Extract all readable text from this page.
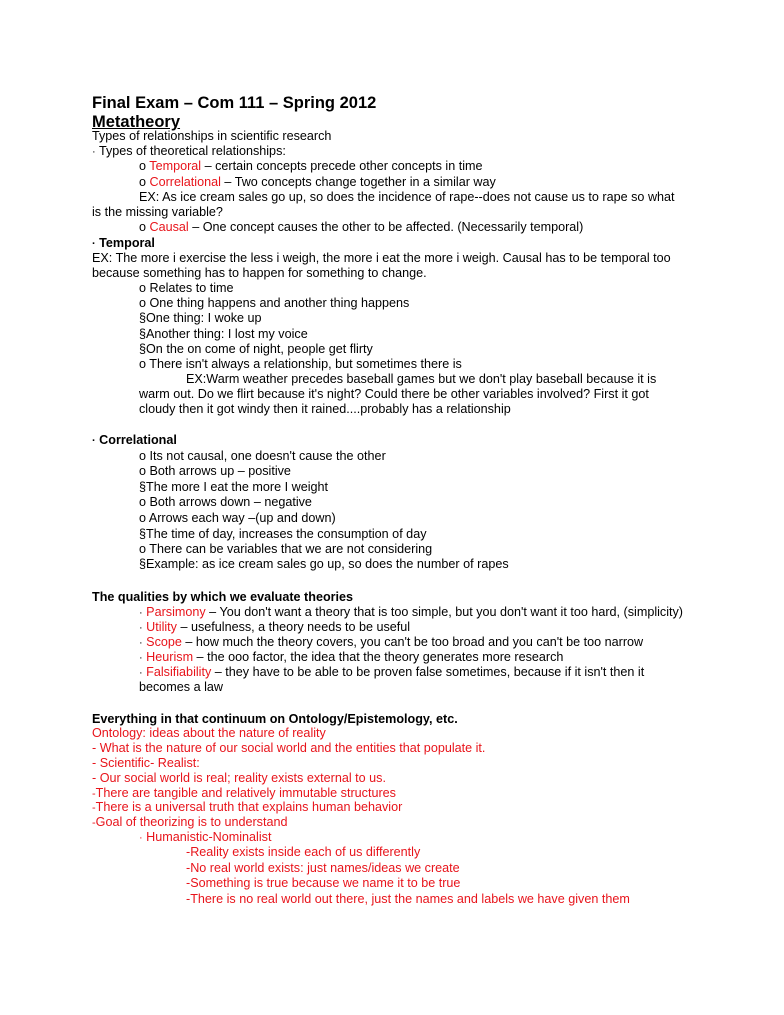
Final Exam – Com 111 – Spring 2012
Metatheory
Types of relationships in scientific research
· Types of theoretical relationships:
o Temporal – certain concepts precede other concepts in time
o Correlational – Two concepts change together in a similar way
EX: As ice cream sales go up, so does the incidence of rape--does not cause us to rape so what
is the missing variable?
o Causal – One concept causes the other to be affected. (Necessarily temporal)
· Temporal
EX: The more i exercise the less i weigh, the more i eat the more i weigh. Causal has to be temporal too
because something has to happen for something to change.
o Relates to time
o One thing happens and another thing happens
§One thing: I woke up
§Another thing: I lost my voice
§On the on come of night, people get flirty
o There isn't always a relationship, but sometimes there is
EX:Warm weather precedes baseball games but we don't play baseball because it is
warm out. Do we flirt because it's night? Could there be other variables involved? First it got
cloudy then it got windy then it rained....probably has a relationship
· Correlational
o Its not causal, one doesn't cause the other
o Both arrows up – positive
§The more I eat the more I weight
o Both arrows down – negative
o Arrows each way –(up and down)
§The time of day, increases the consumption of day
o There can be variables that we are not considering
§Example: as ice cream sales go up, so does the number of rapes
The qualities by which we evaluate theories
· Parsimony – You don't want a theory that is too simple, but you don't want it too hard, (simplicity)
· Utility – usefulness, a theory needs to be useful
· Scope – how much the theory covers, you can't be too broad and you can't be too narrow
· Heurism – the ooo factor, the idea that the theory generates more research
· Falsifiability – they have to be able to be proven false sometimes, because if it isn't then it
becomes a law
Everything in that continuum on Ontology/Epistemology, etc.
Ontology: ideas about the nature of reality
- What is the nature of our social world and the entities that populate it.
- Scientific- Realist:
- Our social world is real; reality exists external to us.
-There are tangible and relatively immutable structures
-There is a universal truth that explains human behavior
-Goal of theorizing is to understand
· Humanistic-Nominalist
-Reality exists inside each of us differently
-No real world exists: just names/ideas we create
-Something is true because we name it to be true
-There is no real world out there, just the names and labels we have given them
